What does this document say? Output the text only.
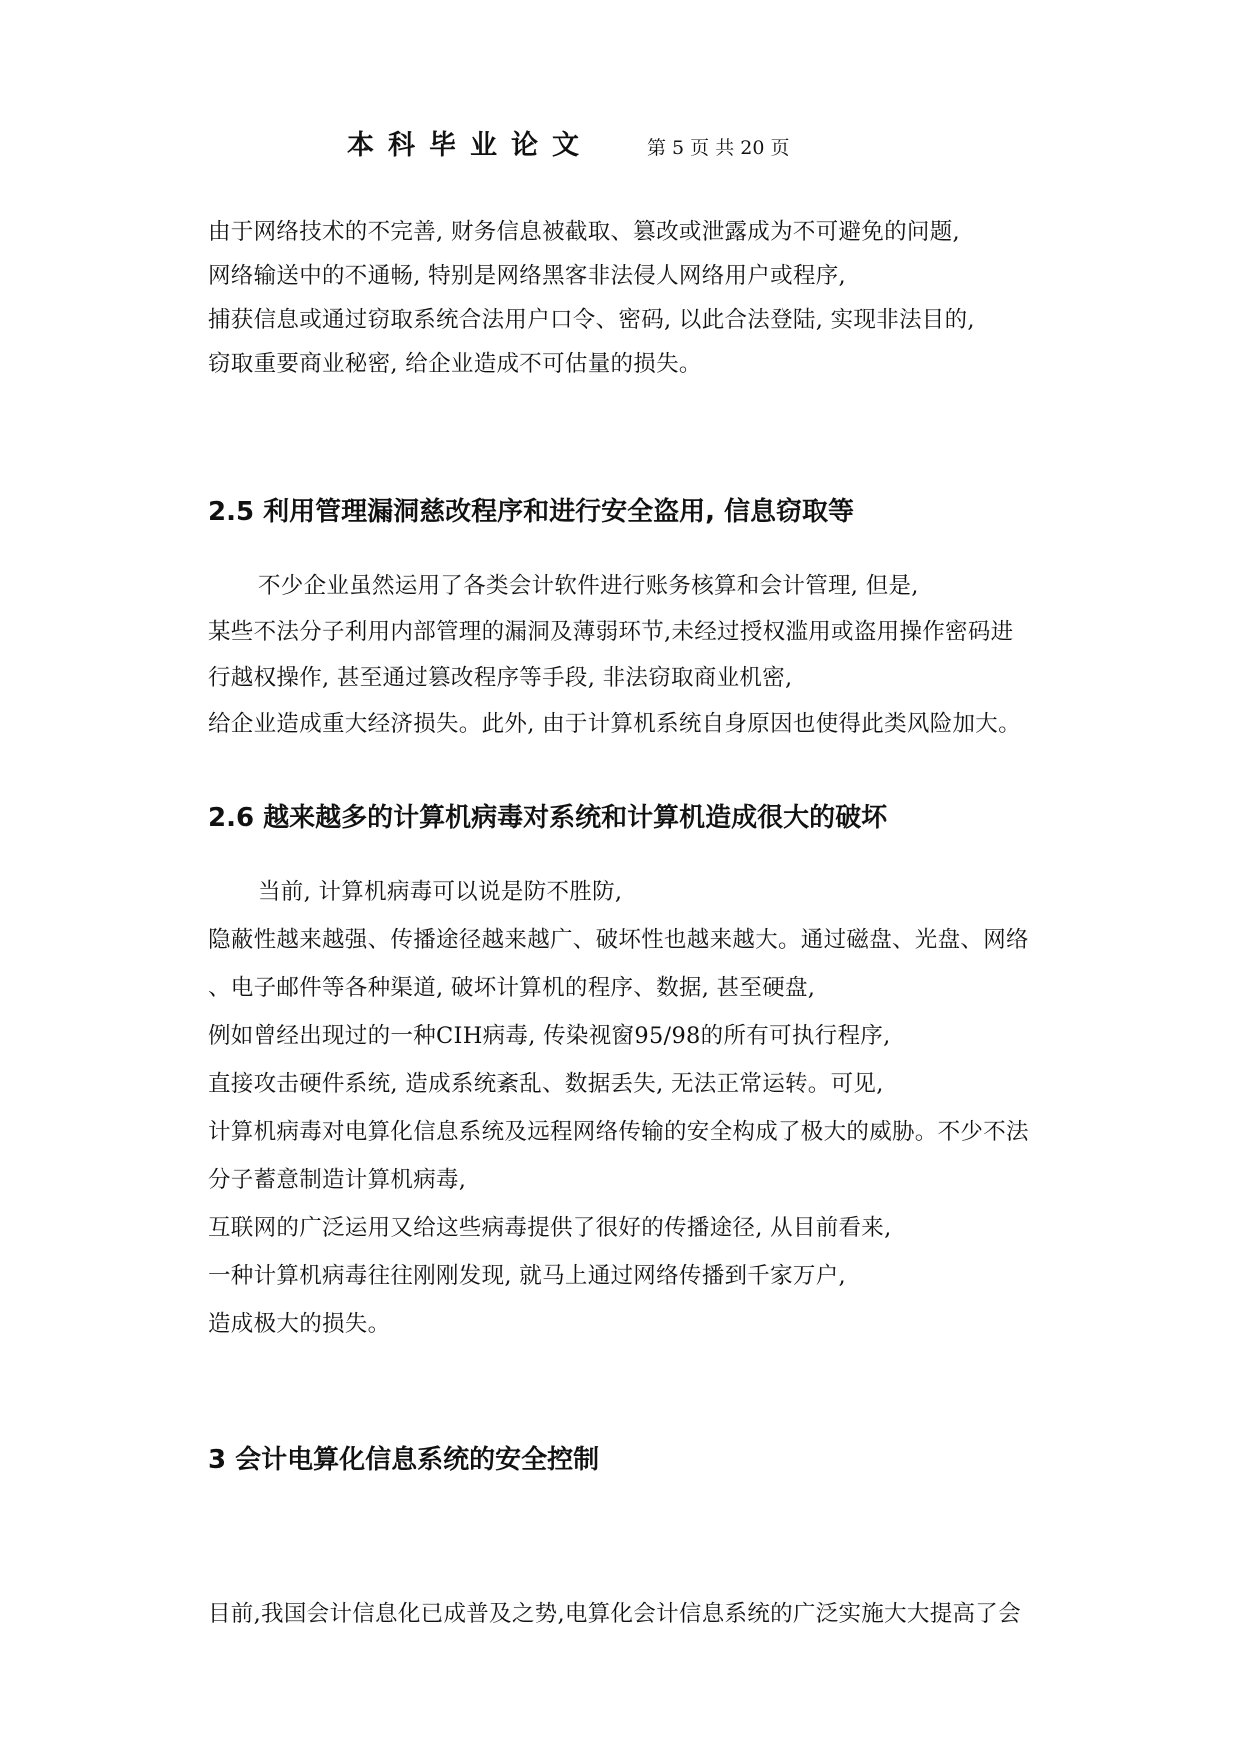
本科毕业论文	第 5 页 共 20 页
由于网络技术的不完善, 财务信息被截取、篡改或泄露成为不可避免的问题,
网络输送中的不通畅, 特别是网络黑客非法侵人网络用户或程序,
捕获信息或通过窃取系统合法用户口令、密码, 以此合法登陆, 实现非法目的,
窃取重要商业秘密, 给企业造成不可估量的损失。
2.5 利用管理漏洞慈改程序和进行安全盗用, 信息窃取等
不少企业虽然运用了各类会计软件进行账务核算和会计管理, 但是,
某些不法分子利用内部管理的漏洞及薄弱环节,未经过授权滥用或盗用操作密码进
行越权操作, 甚至通过篡改程序等手段, 非法窃取商业机密,
给企业造成重大经济损失。此外, 由于计算机系统自身原因也使得此类风险加大。
2.6 越来越多的计算机病毒对系统和计算机造成很大的破坏
当前, 计算机病毒可以说是防不胜防,
隐蔽性越来越强、传播途径越来越广、破坏性也越来越大。通过磁盘、光盘、网络
、电子邮件等各种渠道, 破坏计算机的程序、数据, 甚至硬盘,
例如曾经出现过的一种CIH病毒, 传染视窗95/98的所有可执行程序,
直接攻击硬件系统, 造成系统紊乱、数据丢失, 无法正常运转。可见,
计算机病毒对电算化信息系统及远程网络传输的安全构成了极大的威胁。不少不法
分子蓄意制造计算机病毒,
互联网的广泛运用又给这些病毒提供了很好的传播途径, 从目前看来,
一种计算机病毒往往刚刚发现, 就马上通过网络传播到千家万户,
造成极大的损失。
3 会计电算化信息系统的安全控制
目前,我国会计信息化已成普及之势,电算化会计信息系统的广泛实施大大提高了会
